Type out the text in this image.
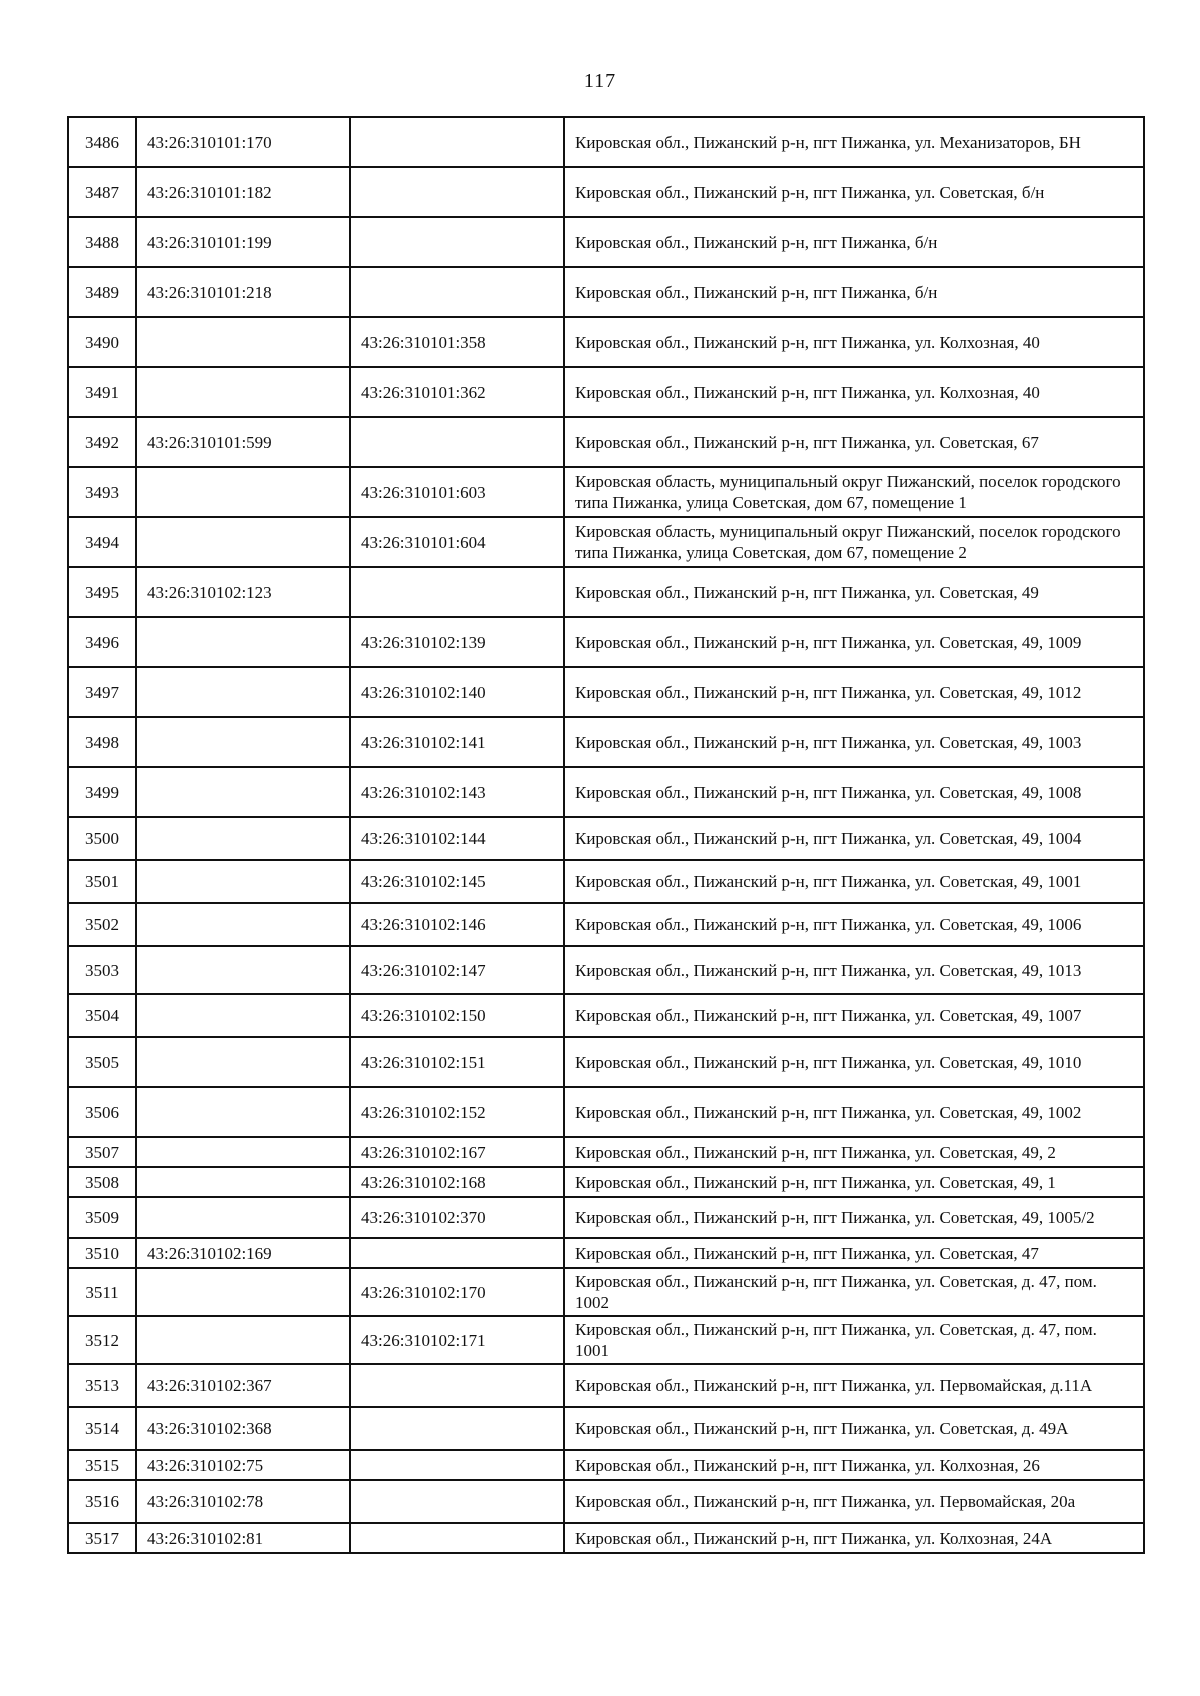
117
3486	43:26:310101:170		Кировская обл., Пижанский р-н, пгт Пижанка, ул. Механизаторов, БН
3487	43:26:310101:182		Кировская обл., Пижанский р-н, пгт Пижанка, ул. Советская, б/н
3488	43:26:310101:199		Кировская обл., Пижанский р-н, пгт Пижанка, б/н
3489	43:26:310101:218		Кировская обл., Пижанский р-н, пгт Пижанка, б/н
3490		43:26:310101:358	Кировская обл., Пижанский р-н, пгт Пижанка, ул. Колхозная, 40
3491		43:26:310101:362	Кировская обл., Пижанский р-н, пгт Пижанка, ул. Колхозная, 40
3492	43:26:310101:599		Кировская обл., Пижанский р-н, пгт Пижанка, ул. Советская, 67
3493		43:26:310101:603	Кировская область, муниципальный округ Пижанский, поселок городского типа Пижанка, улица Советская, дом 67, помещение 1
3494		43:26:310101:604	Кировская область, муниципальный округ Пижанский, поселок городского типа Пижанка, улица Советская, дом 67, помещение 2
3495	43:26:310102:123		Кировская обл., Пижанский р-н, пгт Пижанка, ул. Советская, 49
3496		43:26:310102:139	Кировская обл., Пижанский р-н, пгт Пижанка, ул. Советская, 49, 1009
3497		43:26:310102:140	Кировская обл., Пижанский р-н, пгт Пижанка, ул. Советская, 49, 1012
3498		43:26:310102:141	Кировская обл., Пижанский р-н, пгт Пижанка, ул. Советская, 49, 1003
3499		43:26:310102:143	Кировская обл., Пижанский р-н, пгт Пижанка, ул. Советская, 49, 1008
3500		43:26:310102:144	Кировская обл., Пижанский р-н, пгт Пижанка, ул. Советская, 49, 1004
3501		43:26:310102:145	Кировская обл., Пижанский р-н, пгт Пижанка, ул. Советская, 49, 1001
3502		43:26:310102:146	Кировская обл., Пижанский р-н, пгт Пижанка, ул. Советская, 49, 1006
3503		43:26:310102:147	Кировская обл., Пижанский р-н, пгт Пижанка, ул. Советская, 49, 1013
3504		43:26:310102:150	Кировская обл., Пижанский р-н, пгт Пижанка, ул. Советская, 49, 1007
3505		43:26:310102:151	Кировская обл., Пижанский р-н, пгт Пижанка, ул. Советская, 49, 1010
3506		43:26:310102:152	Кировская обл., Пижанский р-н, пгт Пижанка, ул. Советская, 49, 1002
3507		43:26:310102:167	Кировская обл., Пижанский р-н, пгт Пижанка, ул. Советская, 49, 2
3508		43:26:310102:168	Кировская обл., Пижанский р-н, пгт Пижанка, ул. Советская, 49, 1
3509		43:26:310102:370	Кировская обл., Пижанский р-н, пгт Пижанка, ул. Советская, 49, 1005/2
3510	43:26:310102:169		Кировская обл., Пижанский р-н, пгт Пижанка, ул. Советская, 47
3511		43:26:310102:170	Кировская обл., Пижанский р-н, пгт Пижанка, ул. Советская, д. 47, пом. 1002
3512		43:26:310102:171	Кировская обл., Пижанский р-н, пгт Пижанка, ул. Советская, д. 47, пом. 1001
3513	43:26:310102:367		Кировская обл., Пижанский р-н, пгт Пижанка, ул. Первомайская, д.11А
3514	43:26:310102:368		Кировская обл., Пижанский р-н, пгт Пижанка, ул. Советская, д. 49А
3515	43:26:310102:75		Кировская обл., Пижанский р-н, пгт Пижанка, ул. Колхозная, 26
3516	43:26:310102:78		Кировская обл., Пижанский р-н, пгт Пижанка, ул. Первомайская, 20а
3517	43:26:310102:81		Кировская обл., Пижанский р-н, пгт Пижанка, ул. Колхозная, 24А
